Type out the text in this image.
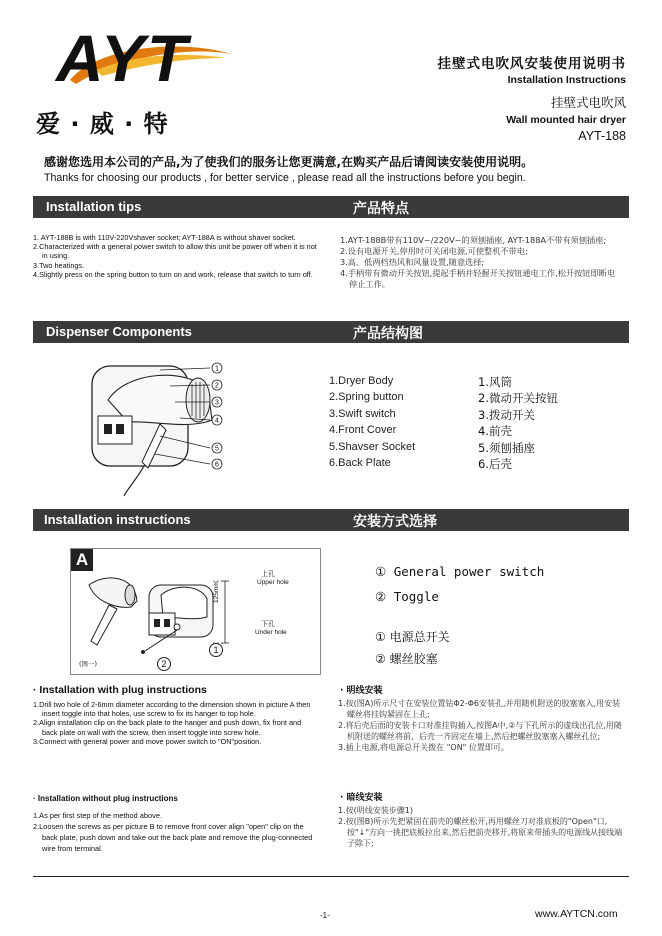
AYT
爱 · 威 · 特
挂壁式电吹风安装使用说明书
Installation Instructions
挂壁式电吹风
Wall mounted hair dryer
AYT-188
感谢您选用本公司的产品,为了使我们的服务让您更满意,在购买产品后请阅读安装使用说明。
Thanks for choosing our products , for better service , please read all the instructions before you begin.
Installation tips	产品特点
1. AYT-188B is with 110V-220Vshaver socket; AYT-188A is without shaver socket.
2.Characterized with a general power switch to allow this unit be power off when it is not in using.
3.Two heatings.
4.Slightly press on the spring button to turn on and work, release that switch to turn off.
1.AYT-188B带有110V~/220V~的须刨插座, AYT-188A不带有须刨插座;
2.设有电源开关,停用时可关闭电源,可使整机不带电;
3.高、低两档热风和风量设置,随意选择;
4.手柄带有微动开关按钮,提起手柄并轻握开关按钮通电工作,松开按钮即断电停止工作。
Dispenser Components	产品结构图
1
2
3
4
5
6
1.Dryer Body
2.Spring button
3.Swift switch
4.Front Cover
5.Shavser Socket
6.Back Plate
1.风筒
2.微动开关按钮
3.拨动开关
4.前壳
5.须刨插座
6.后壳
Installation instructions	安装方式选择
A
125mm
上孔
Upper hole
下孔
Under hole
(图一)
1
2
① General power switch
② Toggle
① 电源总开关
② 螺丝胶塞
· Installation with plug instructions
1.Drill two hole of 2-6mm diameter according to the dimension shown in picture A then insert toggle into that holes, use screw to fix its hanger to top hole.
2.Align installation clip on the back plate to the hanger and push down, fix front and back plate on wall with the screw, then insert toggle into screw hole.
3.Connect with general power and move power switch to "ON"position.
· 明线安装
1.按(图A)所示尺寸在安装位置钻Φ2-Φ6安装孔,并用随机附送的胶塞塞入,用安装螺丝将挂钩紧固在上孔;
2.将后壳后面的安装卡口对准挂钩插入,按图A中,②与下孔所示的虚线出孔位,用随机附送的螺丝将前、后壳一齐固定在墙上,然后把螺丝胶塞塞入螺丝孔位;
3.插上电源,将电源总开关拨在 "ON" 位置即可。
· Installation without plug instructions
1.As per first step of the method above.
2.Loosen the screws as per picture B to remove front cover align "open" clip on the back plate, push down and take out the back plate and remove the plug-connected wire from terminal.
· 暗线安装
1.按(明线安装步骤1)
2.按(图B)所示先把紧固在前壳的螺丝松开,再用螺丝刀对准底板的"Open"口,按"↓"方向一挑把底板拉出来,然后把前壳移开,将原来带插头的电源线从接线端子除下;
-1-	www.AYTCN.com
